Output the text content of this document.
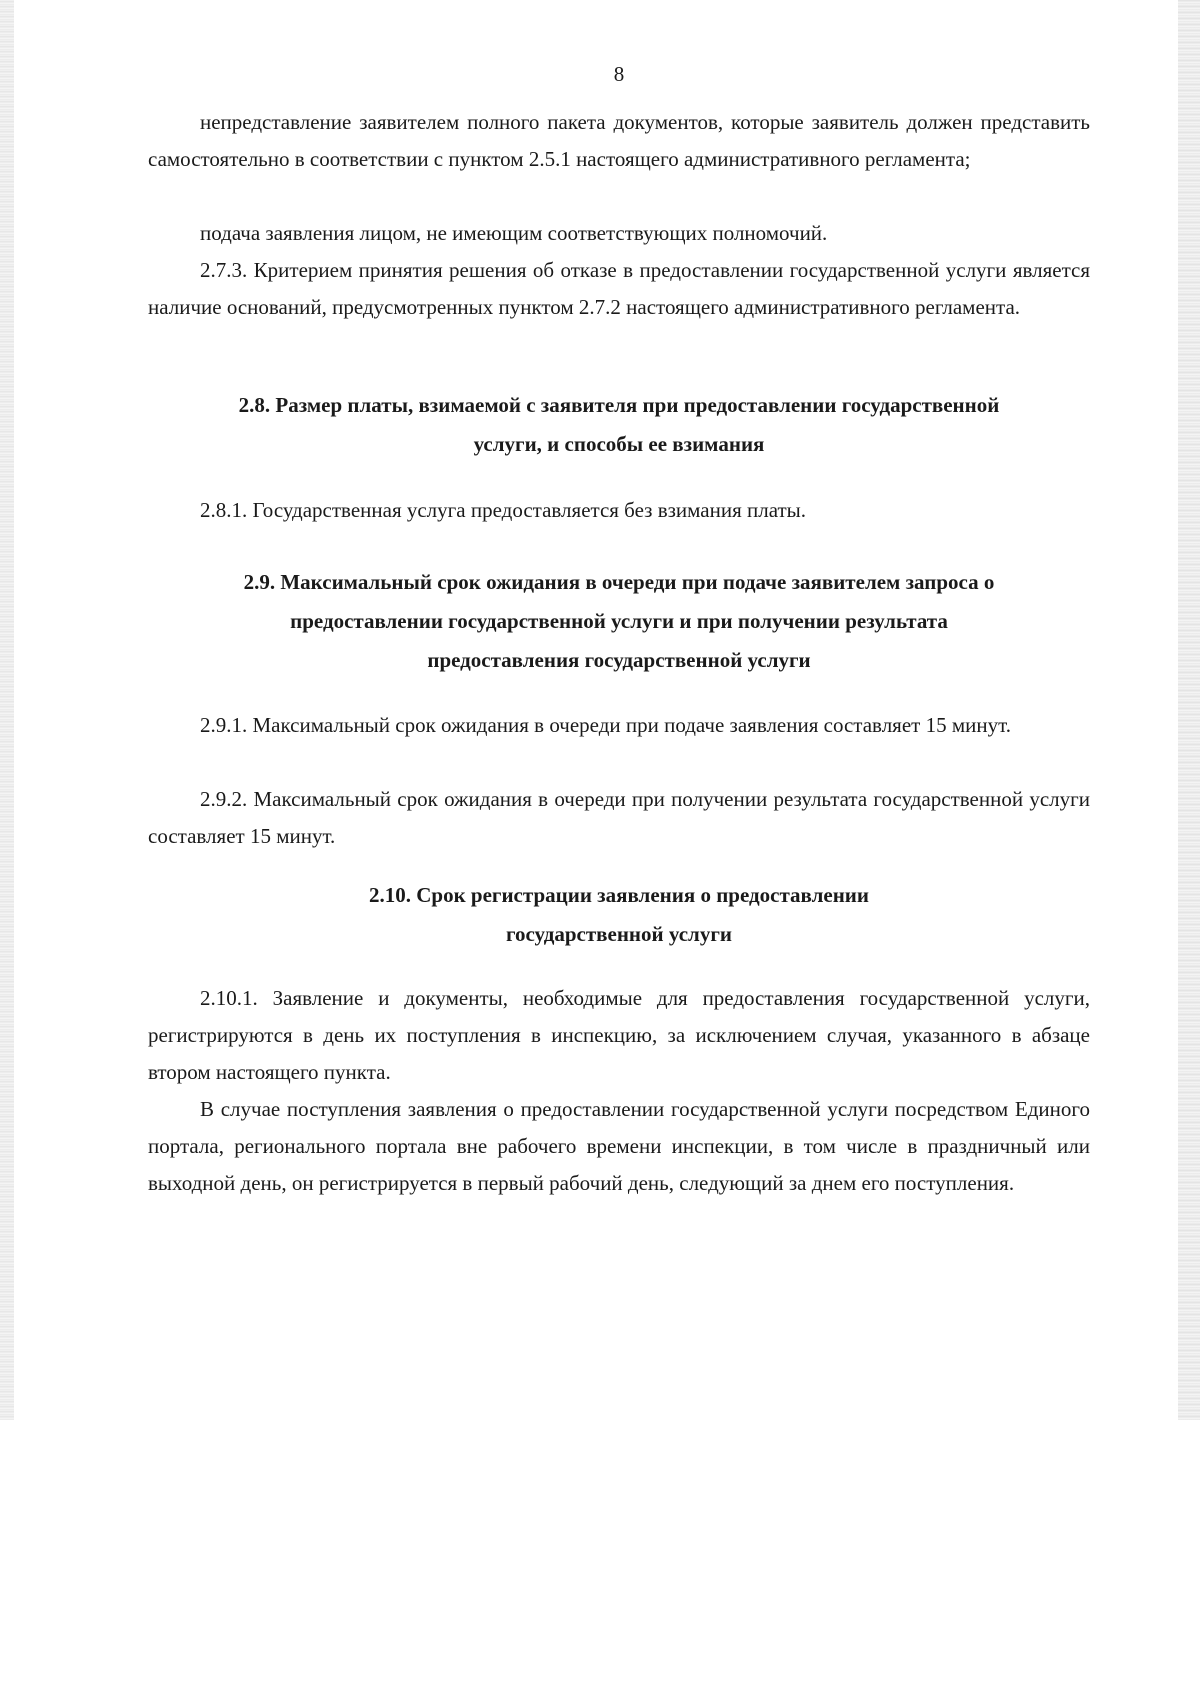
8

непредставление заявителем полного пакета документов, которые заявитель должен представить самостоятельно в соответствии с пунктом 2.5.1 настоящего административного регламента;

подача заявления лицом, не имеющим соответствующих полномочий.

2.7.3. Критерием принятия решения об отказе в предоставлении государственной услуги является наличие оснований, предусмотренных пунктом 2.7.2 настоящего административного регламента.

2.8. Размер платы, взимаемой с заявителя при предоставлении государственной
услуги, и способы ее взимания

2.8.1. Государственная услуга предоставляется без взимания платы.

2.9. Максимальный срок ожидания в очереди при подаче заявителем запроса о
предоставлении государственной услуги и при получении результата
предоставления государственной услуги

2.9.1. Максимальный срок ожидания в очереди при подаче заявления составляет 15 минут.

2.9.2. Максимальный срок ожидания в очереди при получении результата государственной услуги составляет 15 минут.

2.10. Срок регистрации заявления о предоставлении
государственной услуги

2.10.1. Заявление и документы, необходимые для предоставления государственной услуги, регистрируются в день их поступления в инспекцию, за исключением случая, указанного в абзаце втором настоящего пункта.

В случае поступления заявления о предоставлении государственной услуги посредством Единого портала, регионального портала вне рабочего времени инспекции, в том числе в праздничный или выходной день, он регистрируется в первый рабочий день, следующий за днем его поступления.
